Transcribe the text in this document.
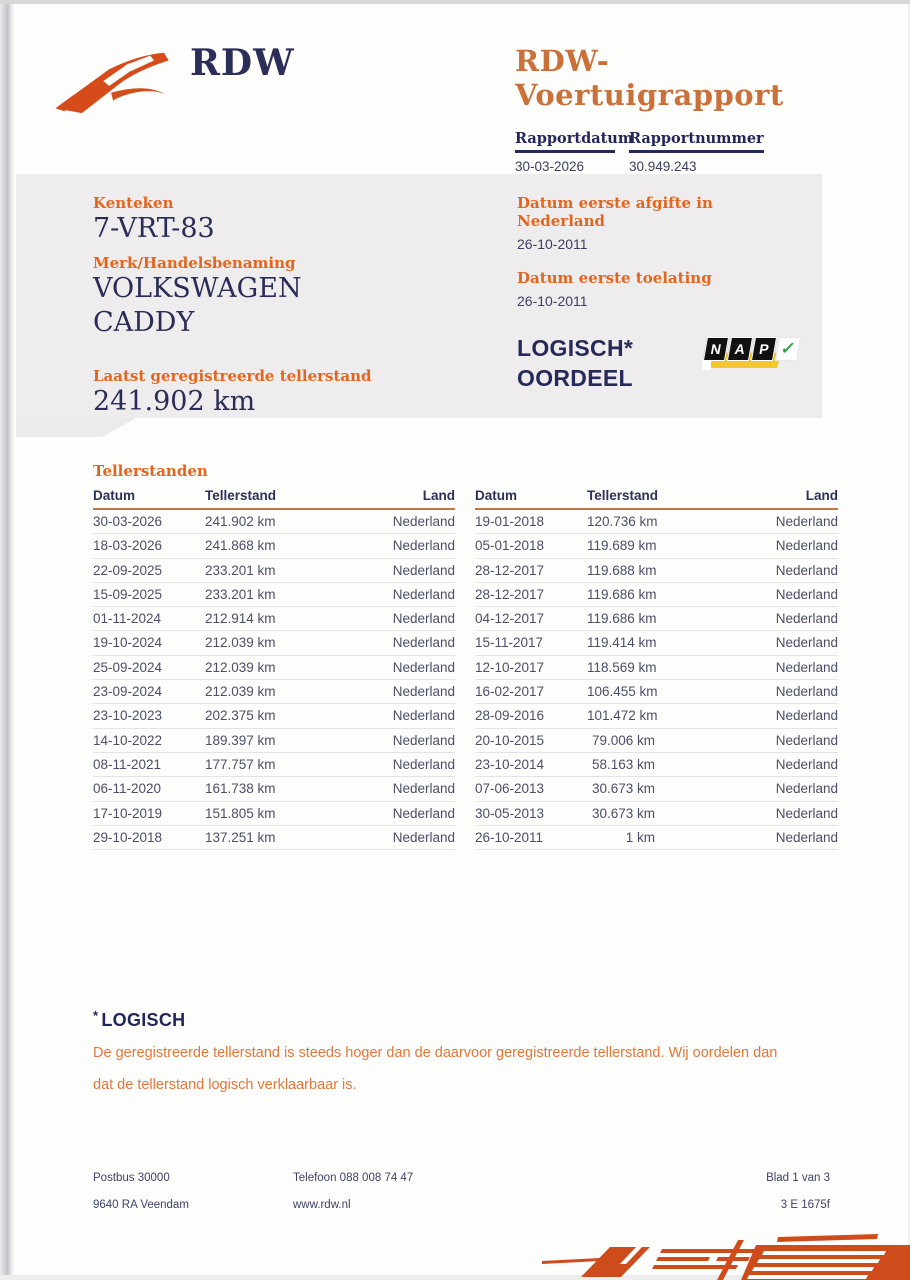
RDW	RDW-Voertuigrapport
Rapportdatum
30-03-2026
Rapportnummer
30.949.243
Kenteken
7-VRT-83
Merk/Handelsbenaming
VOLKSWAGEN
CADDY
Laatst geregistreerde tellerstand
241.902 km
Datum eerste afgifte in Nederland
26-10-2011
Datum eerste toelating
26-10-2011
LOGISCH*
OORDEEL
N A P ✓
Tellerstanden
Datum	Tellerstand	Land
30-03-2026	241.902 km	Nederland
18-03-2026	241.868 km	Nederland
22-09-2025	233.201 km	Nederland
15-09-2025	233.201 km	Nederland
01-11-2024	212.914 km	Nederland
19-10-2024	212.039 km	Nederland
25-09-2024	212.039 km	Nederland
23-09-2024	212.039 km	Nederland
23-10-2023	202.375 km	Nederland
14-10-2022	189.397 km	Nederland
08-11-2021	177.757 km	Nederland
06-11-2020	161.738 km	Nederland
17-10-2019	151.805 km	Nederland
29-10-2018	137.251 km	Nederland
Datum	Tellerstand	Land
19-01-2018	120.736 km	Nederland
05-01-2018	119.689 km	Nederland
28-12-2017	119.688 km	Nederland
28-12-2017	119.686 km	Nederland
04-12-2017	119.686 km	Nederland
15-11-2017	119.414 km	Nederland
12-10-2017	118.569 km	Nederland
16-02-2017	106.455 km	Nederland
28-09-2016	101.472 km	Nederland
20-10-2015	79.006 km	Nederland
23-10-2014	58.163 km	Nederland
07-06-2013	30.673 km	Nederland
30-05-2013	30.673 km	Nederland
26-10-2011	1 km	Nederland
* LOGISCH

De geregistreerde tellerstand is steeds hoger dan de daarvoor geregistreerde tellerstand. Wij oordelen dan dat de tellerstand logisch verklaarbaar is.

Postbus 30000	Telefoon 088 008 74 47	Blad 1 van 3
9640 RA Veendam	www.rdw.nl	3 E 1675f
